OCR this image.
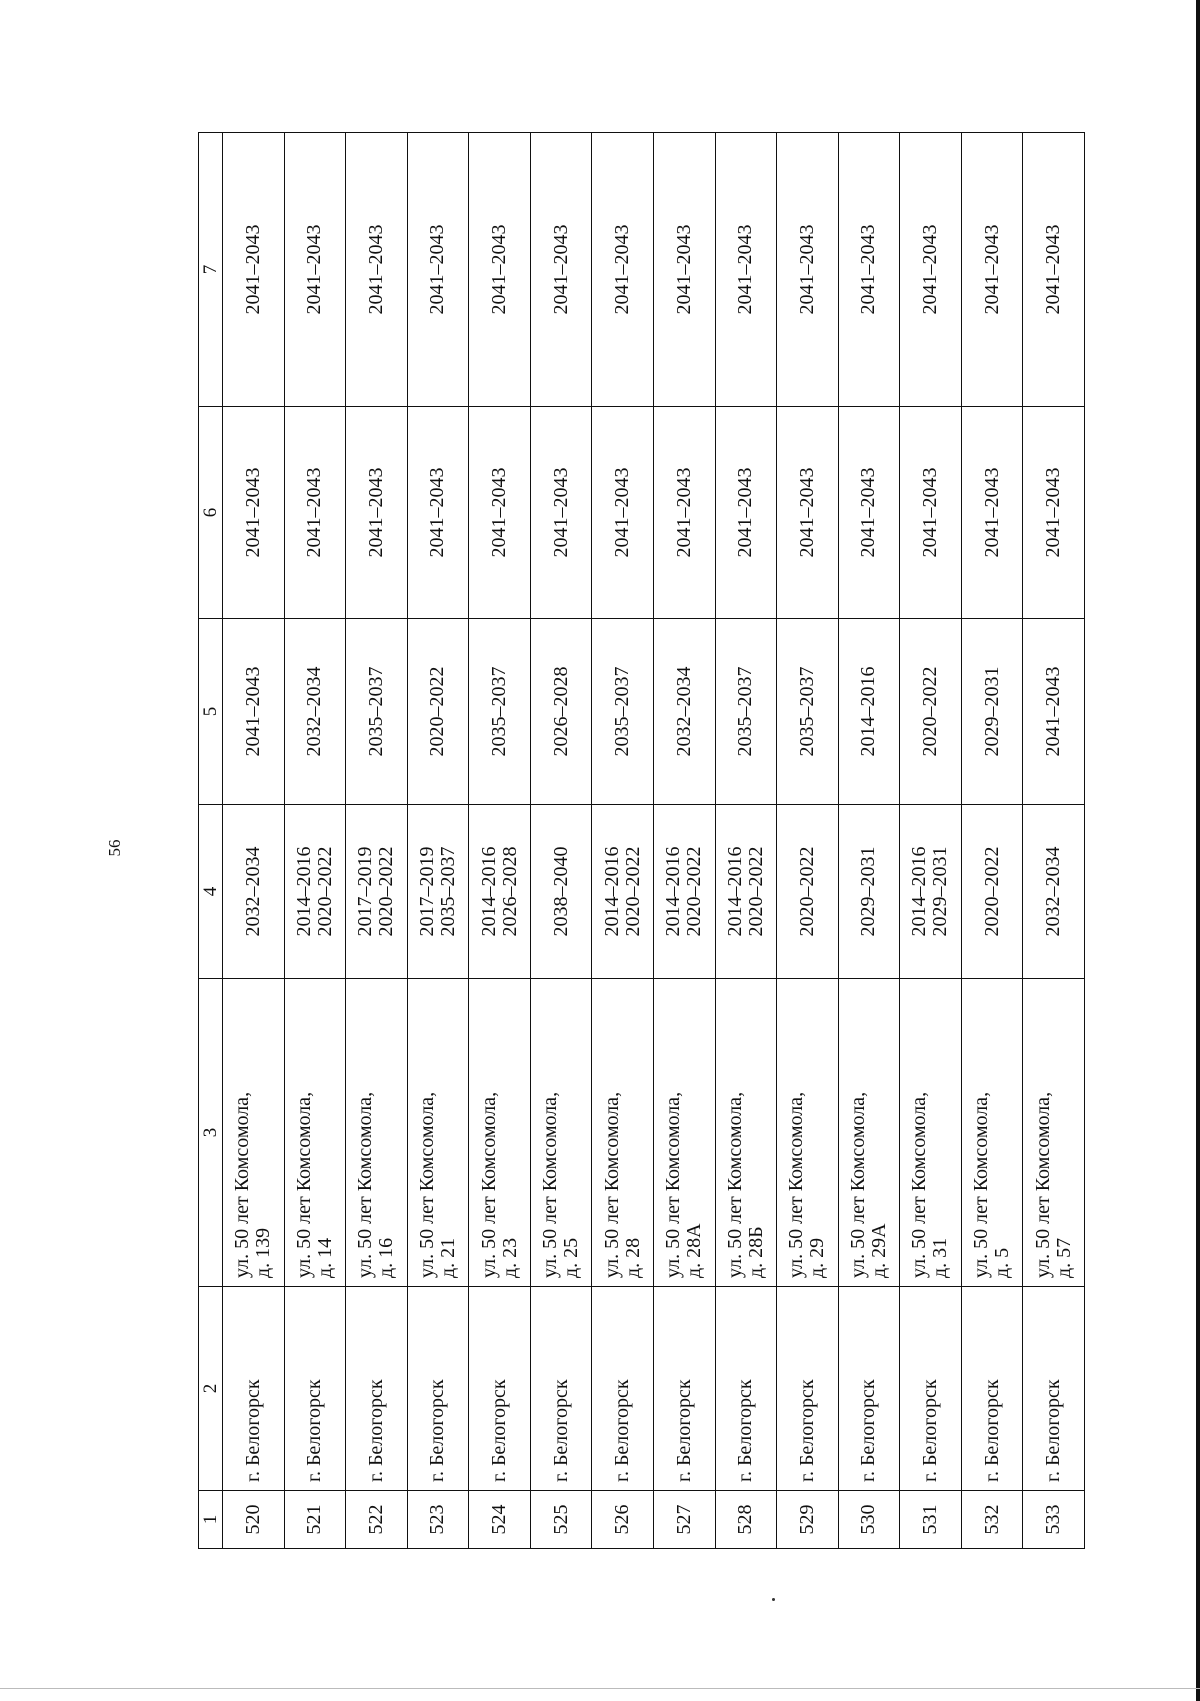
56
1	2	3	4	5	6	7
520	г. Белогорск	ул. 50 лет Комсомола, д. 139	2032–2034	2041–2043	2041–2043	2041–2043
521	г. Белогорск	ул. 50 лет Комсомола, д. 14	2014–2016 2020–2022	2032–2034	2041–2043	2041–2043
522	г. Белогорск	ул. 50 лет Комсомола, д. 16	2017–2019 2020–2022	2035–2037	2041–2043	2041–2043
523	г. Белогорск	ул. 50 лет Комсомола, д. 21	2017–2019 2035–2037	2020–2022	2041–2043	2041–2043
524	г. Белогорск	ул. 50 лет Комсомола, д. 23	2014–2016 2026–2028	2035–2037	2041–2043	2041–2043
525	г. Белогорск	ул. 50 лет Комсомола, д. 25	2038–2040	2026–2028	2041–2043	2041–2043
526	г. Белогорск	ул. 50 лет Комсомола, д. 28	2014–2016 2020–2022	2035–2037	2041–2043	2041–2043
527	г. Белогорск	ул. 50 лет Комсомола, д. 28А	2014–2016 2020–2022	2032–2034	2041–2043	2041–2043
528	г. Белогорск	ул. 50 лет Комсомола, д. 28Б	2014–2016 2020–2022	2035–2037	2041–2043	2041–2043
529	г. Белогорск	ул. 50 лет Комсомола, д. 29	2020–2022	2035–2037	2041–2043	2041–2043
530	г. Белогорск	ул. 50 лет Комсомола, д. 29А	2029–2031	2014–2016	2041–2043	2041–2043
531	г. Белогорск	ул. 50 лет Комсомола, д. 31	2014–2016 2029–2031	2020–2022	2041–2043	2041–2043
532	г. Белогорск	ул. 50 лет Комсомола, д. 5	2020–2022	2029–2031	2041–2043	2041–2043
533	г. Белогорск	ул. 50 лет Комсомола, д. 57	2032–2034	2041–2043	2041–2043	2041–2043
